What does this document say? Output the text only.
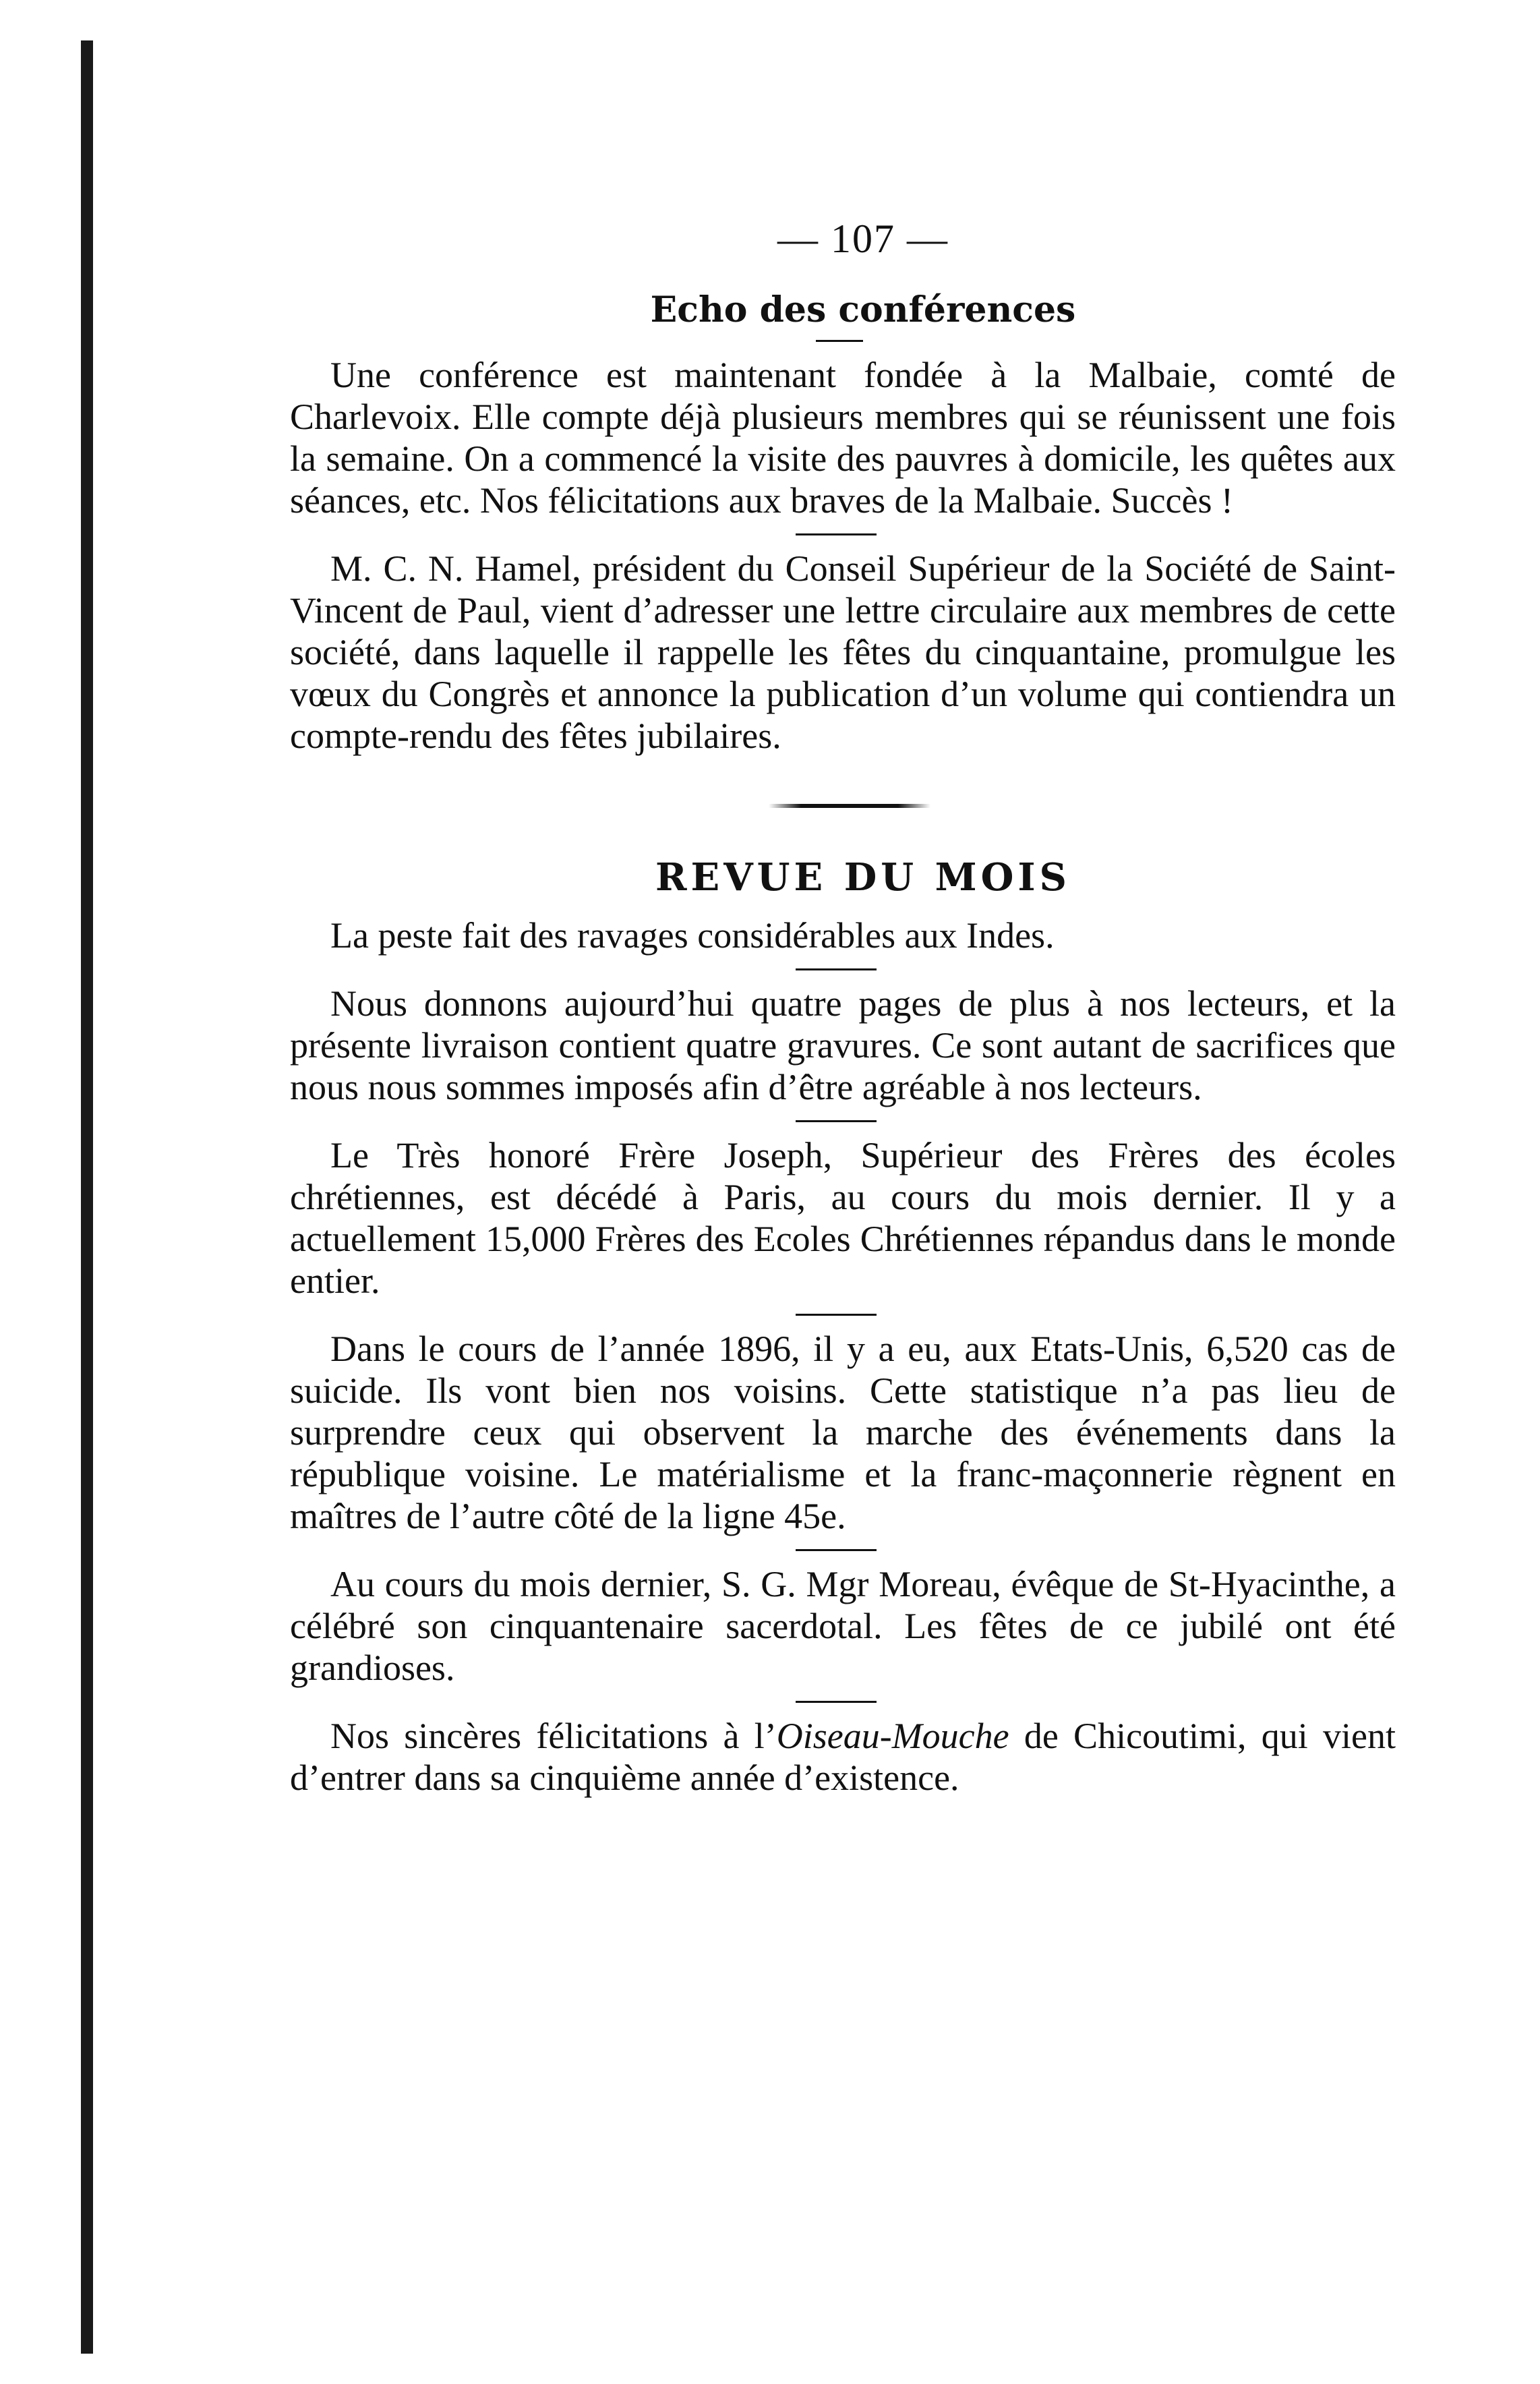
— 107 —
Echo des conférences

Une conférence est maintenant fondée à la Malbaie, comté de Charlevoix. Elle compte déjà plusieurs membres qui se réunissent une fois la semaine. On a commencé la visite des pauvres à domicile, les quêtes aux séances, etc. Nos félicitations aux braves de la Malbaie. Succès !

M. C. N. Hamel, président du Conseil Supérieur de la Société de Saint-Vincent de Paul, vient d’adresser une lettre circulaire aux membres de cette société, dans laquelle il rappelle les fêtes du cinquantaine, promulgue les vœux du Congrès et annonce la publication d’un volume qui contiendra un compte-rendu des fêtes jubilaires.

REVUE DU MOIS

La peste fait des ravages considérables aux Indes.

Nous donnons aujourd’hui quatre pages de plus à nos lecteurs, et la présente livraison contient quatre gravures. Ce sont autant de sacrifices que nous nous sommes imposés afin d’être agréable à nos lecteurs.

Le Très honoré Frère Joseph, Supérieur des Frères des écoles chrétiennes, est décédé à Paris, au cours du mois dernier. Il y a actuellement 15,000 Frères des Ecoles Chrétiennes répandus dans le monde entier.

Dans le cours de l’année 1896, il y a eu, aux Etats-Unis, 6,520 cas de suicide. Ils vont bien nos voisins. Cette statistique n’a pas lieu de surprendre ceux qui observent la marche des événements dans la république voisine. Le matérialisme et la franc-maçonnerie règnent en maîtres de l’autre côté de la ligne 45e.

Au cours du mois dernier, S. G. Mgr Moreau, évêque de St-Hyacinthe, a célébré son cinquantenaire sacerdotal. Les fêtes de ce jubilé ont été grandioses.

Nos sincères félicitations à l’Oiseau-Mouche de Chicoutimi, qui vient d’entrer dans sa cinquième année d’existence.
